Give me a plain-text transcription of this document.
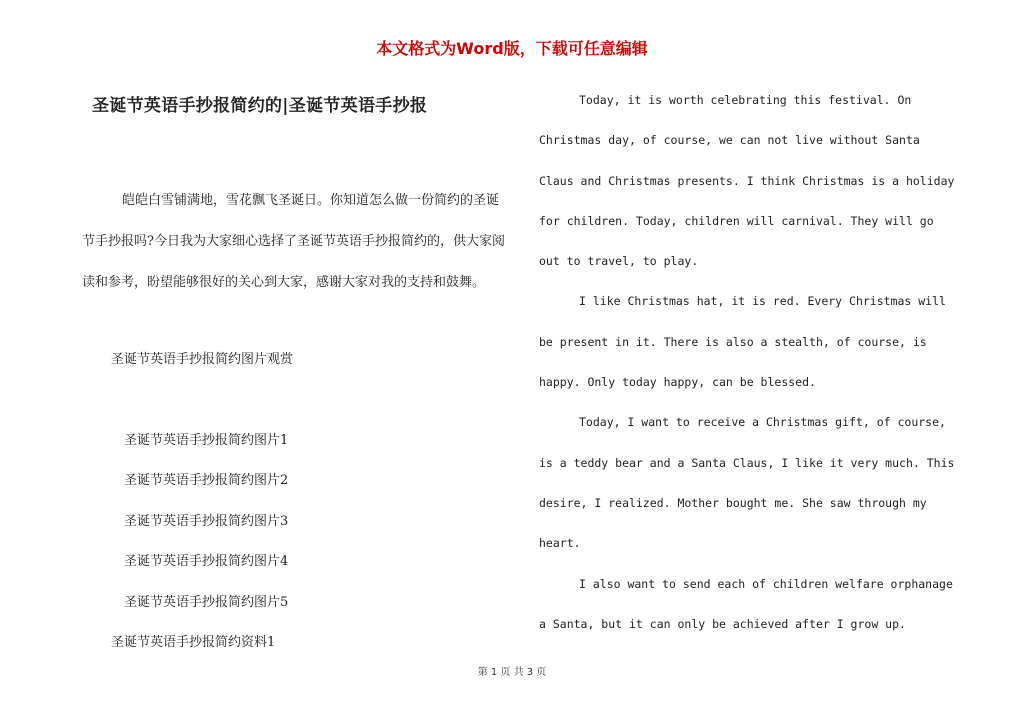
本文格式为Word版，下载可任意编辑
圣诞节英语手抄报简约的|圣诞节英语手抄报

皑皑白雪铺满地，雪花飘飞圣诞日。你知道怎么做一份简约的圣诞节手抄报吗?今日我为大家细心选择了圣诞节英语手抄报简约的，供大家阅读和参考，盼望能够很好的关心到大家，感谢大家对我的支持和鼓舞。

圣诞节英语手抄报简约图片观赏
圣诞节英语手抄报简约图片1
圣诞节英语手抄报简约图片2
圣诞节英语手抄报简约图片3
圣诞节英语手抄报简约图片4
圣诞节英语手抄报简约图片5
圣诞节英语手抄报简约资料1

Today, it is worth celebrating this festival. On Christmas day, of course, we can not live without Santa Claus and Christmas presents. I think Christmas is a holiday for children. Today, children will carnival. They will go out to travel, to play.

I like Christmas hat, it is red. Every Christmas will be present in it. There is also a stealth, of course, is happy. Only today happy, can be blessed.

Today, I want to receive a Christmas gift, of course, is a teddy bear and a Santa Claus, I like it very much. This desire, I realized. Mother bought me. She saw through my heart.

I also want to send each of children welfare orphanage a Santa, but it can only be achieved after I grow up.

第 1 页 共 3 页
